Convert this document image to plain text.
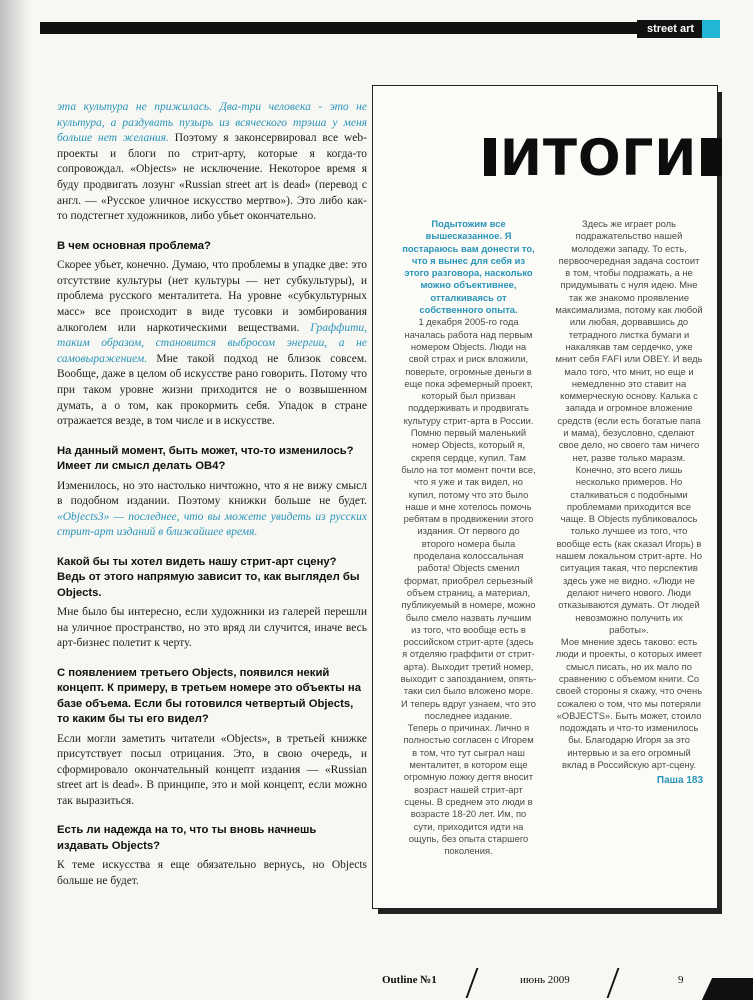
street art

эта культура не прижилась. Два-три человека - это не культура, а раздувать пузырь из всяческого трэша у меня больше нет желания. Поэтому я законсервировал все web-проекты и блоги по стрит-арту, которые я когда-то сопровождал. «Objects» не исключение. Некоторое время я буду продвигать лозунг «Russian street art is dead» (перевод с англ. — «Русское уличное искусство мертво»). Это либо как-то подстегнет художников, либо убьет окончательно.

В чем основная проблема?

Скорее убьет, конечно. Думаю, что проблемы в упадке две: это отсутствие культуры (нет культуры — нет субкультуры), и проблема русского менталитета. На уровне «субкультурных масс» все происходит в виде тусовки и зомбирования алкоголем или наркотическими веществами. Граффити, таким образом, становится выбросом энергии, а не самовыражением. Мне такой подход не близок совсем. Вообще, даже в целом об искусстве рано говорить. Потому что при таком уровне жизни приходится не о возвышенном думать, а о том, как прокормить себя. Упадок в стране отражается везде, в том числе и в искусстве.

На данный момент, быть может, что-то изменилось? Имеет ли смысл делать OB4?

Изменилось, но это настолько ничтожно, что я не вижу смысл в подобном издании. Поэтому книжки больше не будет. «Objects3» — последнее, что вы можете увидеть из русских стрит-арт изданий в ближайшее время.

Какой бы ты хотел видеть нашу стрит-арт сцену? Ведь от этого напрямую зависит то, как выглядел бы Objects.

Мне было бы интересно, если художники из галерей перешли на уличное пространство, но это вряд ли случится, иначе весь арт-бизнес полетит к черту.

С появлением третьего Objects, появился некий концепт. К примеру, в третьем номере это объекты на базе объема. Если бы готовился четвертый Objects, то каким бы ты его видел?

Если могли заметить читатели «Objects», в третьей книжке присутствует посыл отрицания. Это, в свою очередь, и сформировало окончательный концепт издания — «Russian street art is dead». В принципе, это и мой концепт, если можно так выразиться.

Есть ли надежда на то, что ты вновь начнешь издавать Objects?

К теме искусства я еще обязательно вернусь, но Objects больше не будет.

ИТОГИ

Подытожим все вышесказанное. Я постараюсь вам донести то, что я вынес для себя из этого разговора, насколько можно объективнее, отталкиваясь от собственного опыта.

1 декабря 2005-го года началась работа над первым номером Objects. Люди на свой страх и риск вложили, поверьте, огромные деньги в еще пока эфемерный проект, который был призван поддерживать и продвигать культуру стрит-арта в России.

Помню первый маленький номер Objects, который я, скрепя сердце, купил. Там было на тот момент почти все, что я уже и так видел, но купил, потому что это было наше и мне хотелось помочь ребятам в продвижении этого издания. От первого до второго номера была проделана колоссальная работа! Objects сменил формат, приобрел серьезный объем страниц, а материал, публикуемый в номере, можно было смело назвать лучшим из того, что вообще есть в российском стрит-арте (здесь я отделяю граффити от стрит-арта). Выходит третий номер, выходит с запозданием, опять-таки сил было вложено море. И теперь вдруг узнаем, что это последнее издание.

Теперь о причинах. Лично я полностью согласен с Игорем в том, что тут сыграл наш менталитет, в котором еще огромную ложку дегтя вносит возраст нашей стрит-арт сцены. В среднем это люди в возрасте 18-20 лет. Им, по сути, приходится идти на ощупь, без опыта старшего поколения.

Здесь же играет роль подражательство нашей молодежи западу. То есть, первоочередная задача состоит в том, чтобы подражать, а не придумывать с нуля идею. Мне так же знакомо проявление максимализма, потому как любой или любая, дорвавшись до тетрадного листка бумаги и накалякав там сердечко, уже мнит себя FAFI или OBEY. И ведь мало того, что мнит, но еще и немедленно это ставит на коммерческую основу. Калька с запада и огромное вложение средств (если есть богатые папа и мама), безусловно, сделают свое дело, но своего там ничего нет, разве только маразм. Конечно, это всего лишь несколько примеров. Но сталкиваться с подобными проблемами приходится все чаще. В Objects публиковалось только лучшее из того, что вообще есть (как сказал Игорь) в нашем локальном стрит-арте. Но ситуация такая, что перспектив здесь уже не видно. «Люди не делают ничего нового. Люди отказываются думать. От людей невозможно получить их работы».

Мое мнение здесь таково: есть люди и проекты, о которых имеет смысл писать, но их мало по сравнению с объемом книги. Со своей стороны я скажу, что очень сожалею о том, что мы потеряли «OBJECTS». Быть может, стоило подождать и что-то изменилось бы. Благодарю Игоря за это интервью и за его огромный вклад в Российскую арт-сцену.

Паша 183

Outline №1	июнь 2009	9
